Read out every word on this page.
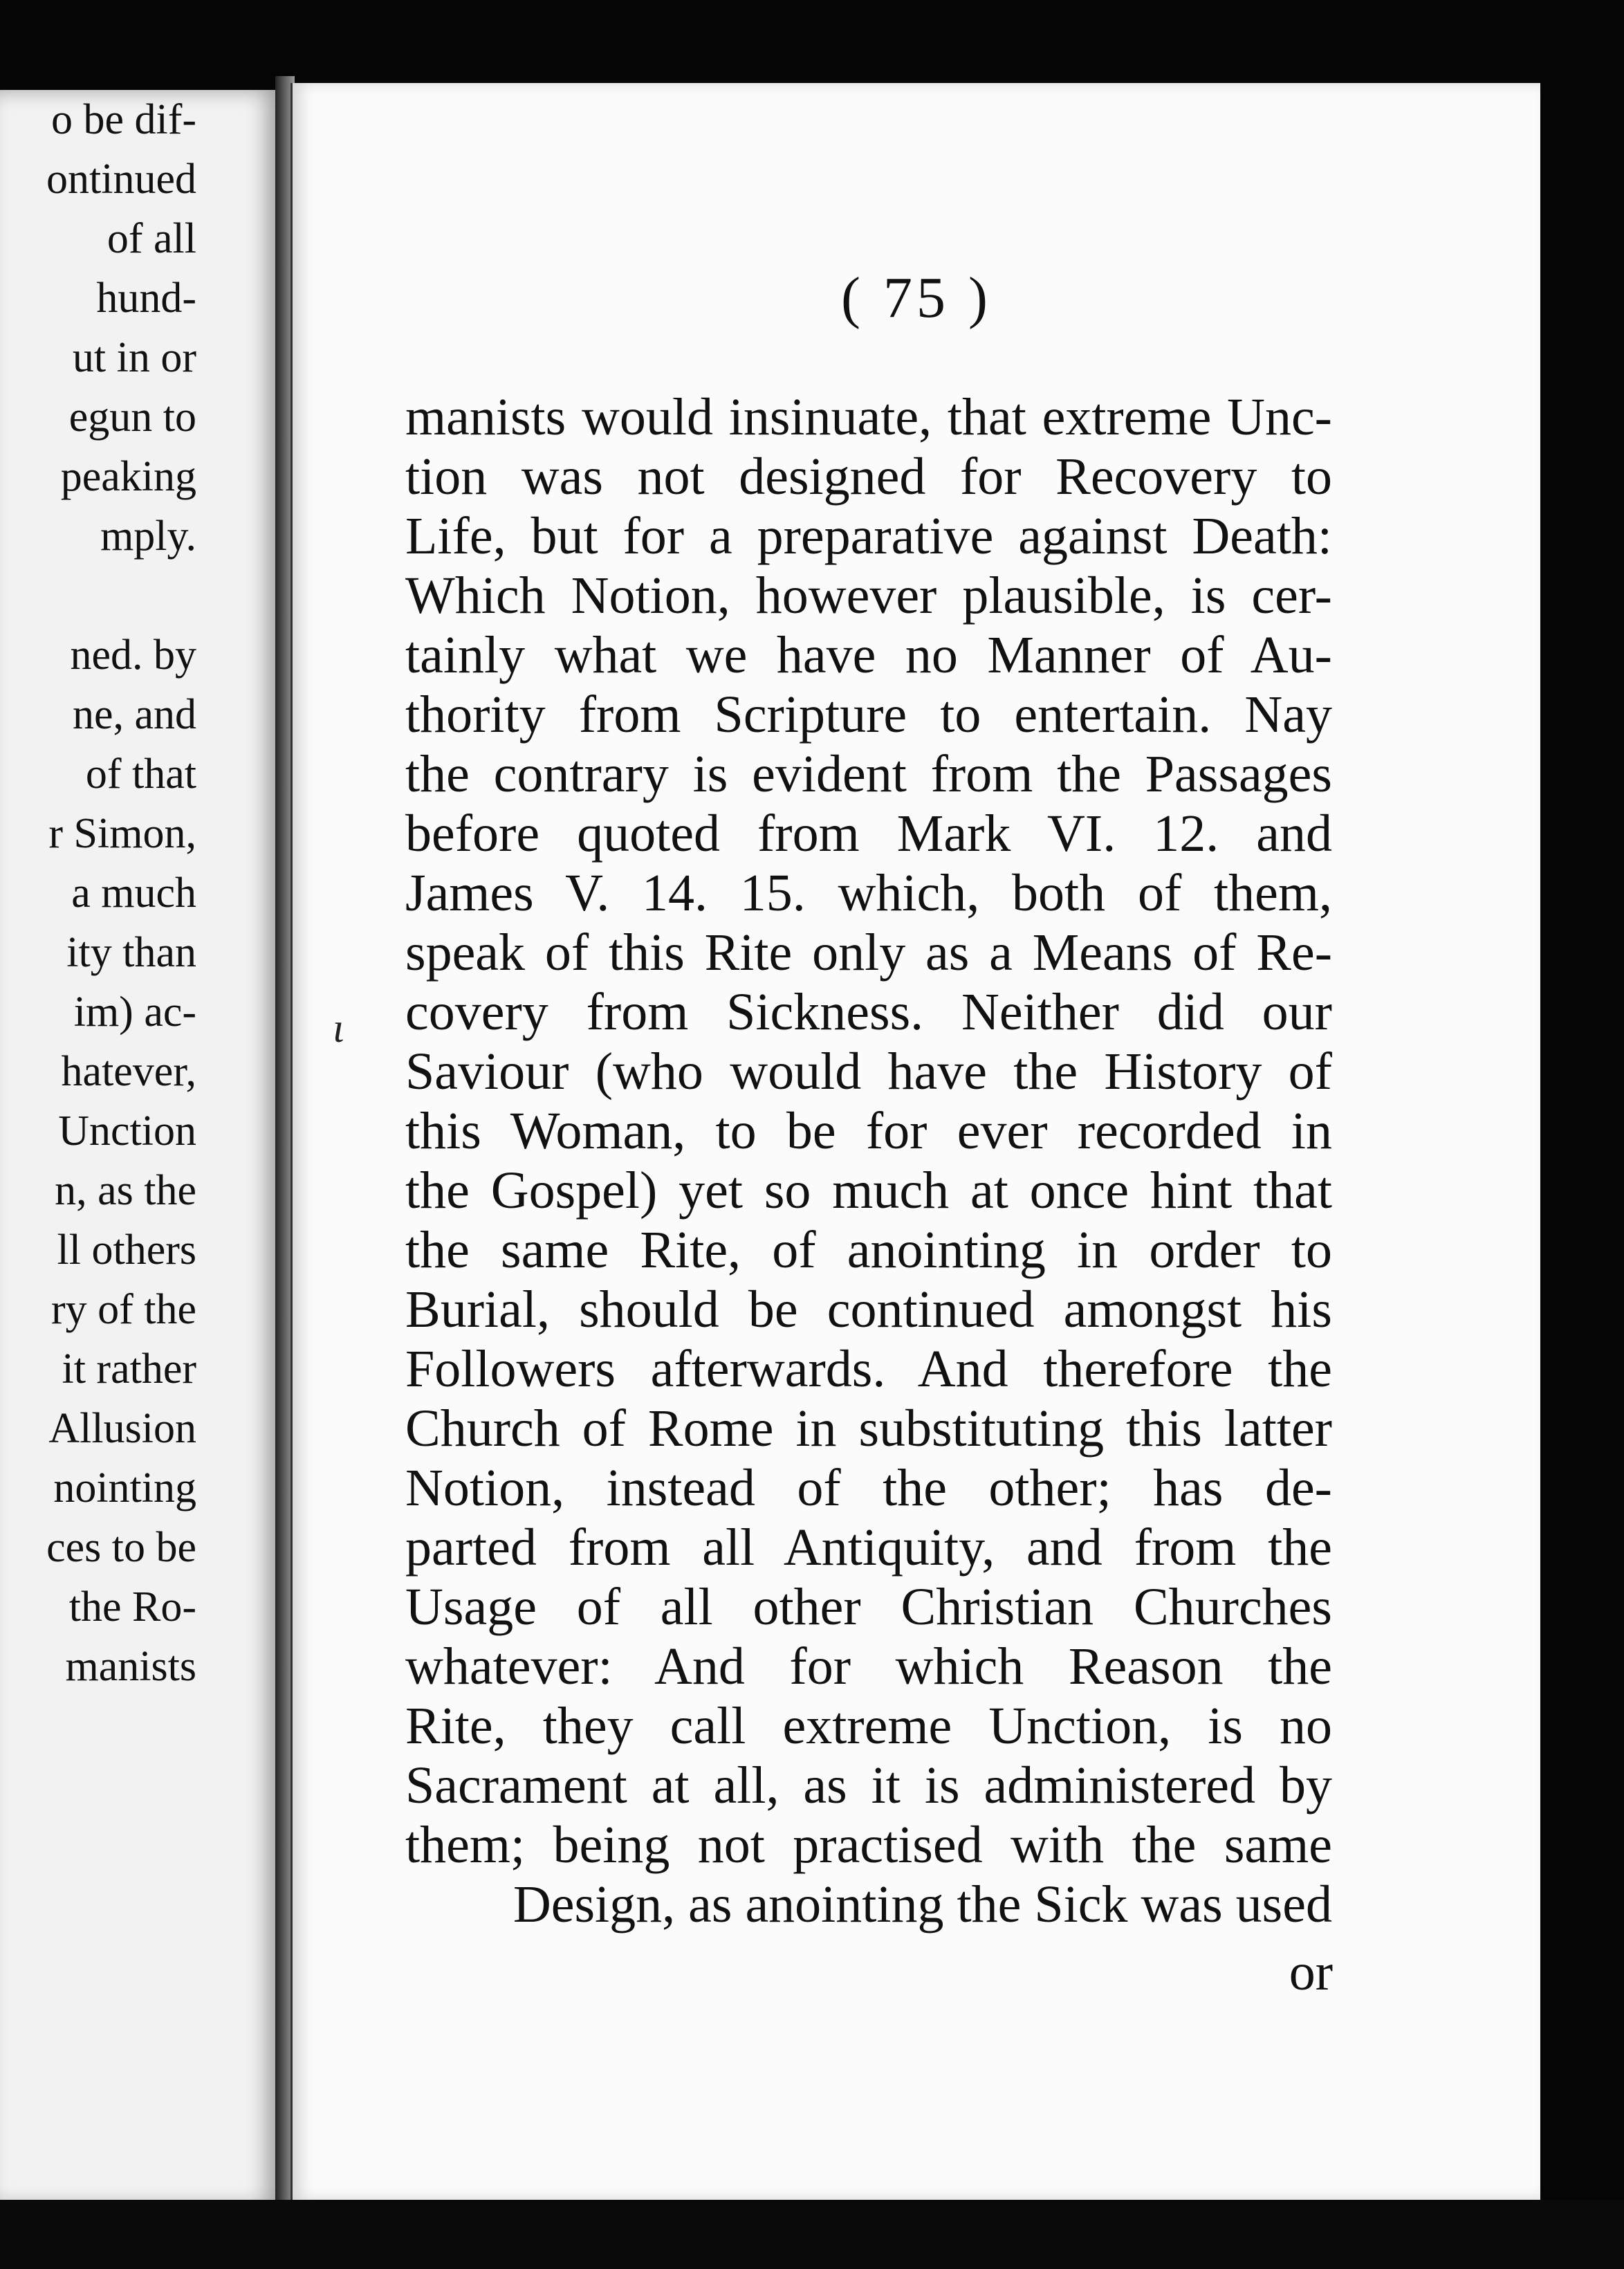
o be dif-
ontinued
of all
hund-
ut in or
egun to
peaking
mply.
ned. by
ne, and
of that
r Simon,
a much
ity than
im) ac-
hatever,
Unction
n, as the
ll others
ry of the
it rather
Allusion
nointing
ces to be
the Ro-
manists
( 75 )
manists would insinuate, that extreme Unc-
tion was not designed for Recovery to
Life, but for a preparative against Death:
Which Notion, however plausible, is cer-
tainly what we have no Manner of Au-
thority from Scripture to entertain. Nay
the contrary is evident from the Passages
before quoted from Mark VI. 12. and
James V. 14. 15. which, both of them,
speak of this Rite only as a Means of Re-
covery from Sickness. Neither did our
Saviour (who would have the History of
this Woman, to be for ever recorded in
the Gospel) yet so much at once hint that
the same Rite, of anointing in order to
Burial, should be continued amongst his
Followers afterwards. And therefore the
Church of Rome in substituting this latter
Notion, instead of the other; has de-
parted from all Antiquity, and from the
Usage of all other Christian Churches
whatever: And for which Reason the
Rite, they call extreme Unction, is no
Sacrament at all, as it is administered by
them; being not practised with the same
Design, as anointing the Sick was used
or
ι
